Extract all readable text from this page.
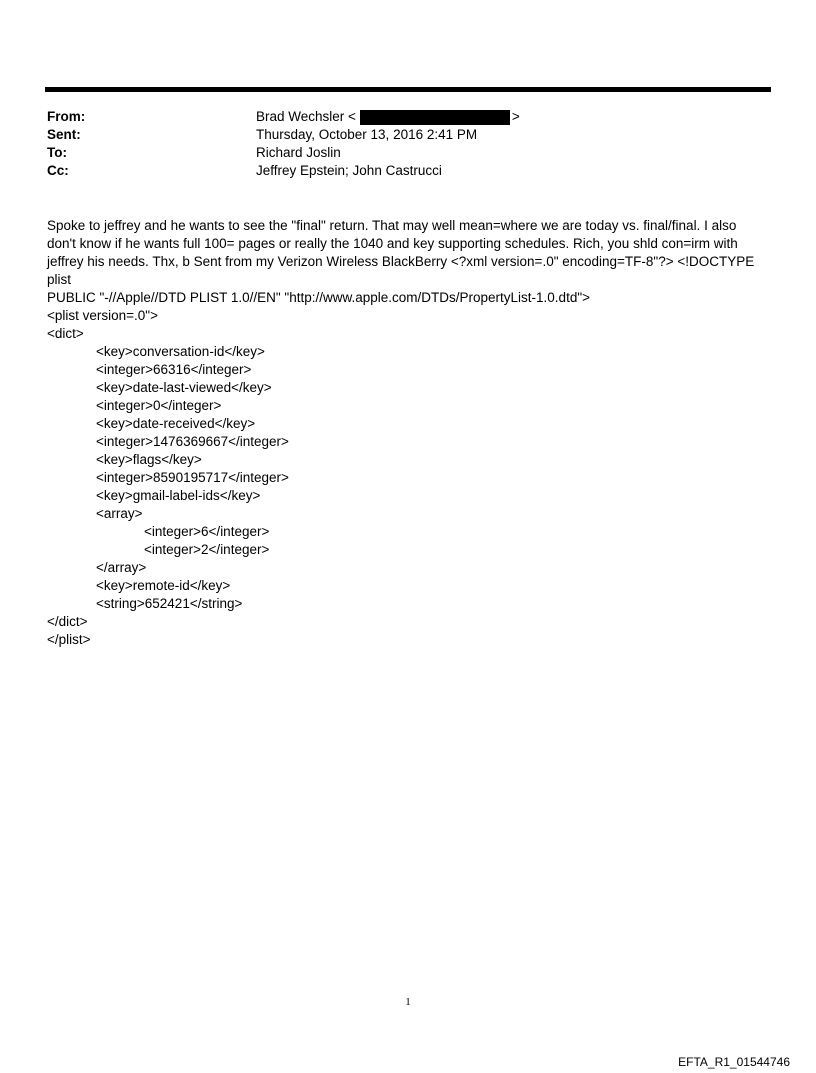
From:	Brad Wechsler <	>
Sent:	Thursday, October 13, 2016 2:41 PM
To:	Richard Joslin
Cc:	Jeffrey Epstein; John Castrucci

Spoke to jeffrey and he wants to see the "final" return. That may well mean=where we are today vs. final/final. I also
don't know if he wants full 100= pages or really the 1040 and key supporting schedules. Rich, you shld con=irm with
jeffrey his needs. Thx, b Sent from my Verizon Wireless BlackBerry <?xml version=.0" encoding=TF-8"?> <!DOCTYPE plist
PUBLIC "-//Apple//DTD PLIST 1.0//EN" "http://www.apple.com/DTDs/PropertyList-1.0.dtd">

<plist version=.0">
<dict>
<key>conversation-id</key>
<integer>66316</integer>
<key>date-last-viewed</key>
<integer>0</integer>
<key>date-received</key>
<integer>1476369667</integer>
<key>flags</key>
<integer>8590195717</integer>
<key>gmail-label-ids</key>
<array>
<integer>6</integer>
<integer>2</integer>
</array>
<key>remote-id</key>
<string>652421</string>
</dict>
</plist>
1
EFTA_R1_01544746
